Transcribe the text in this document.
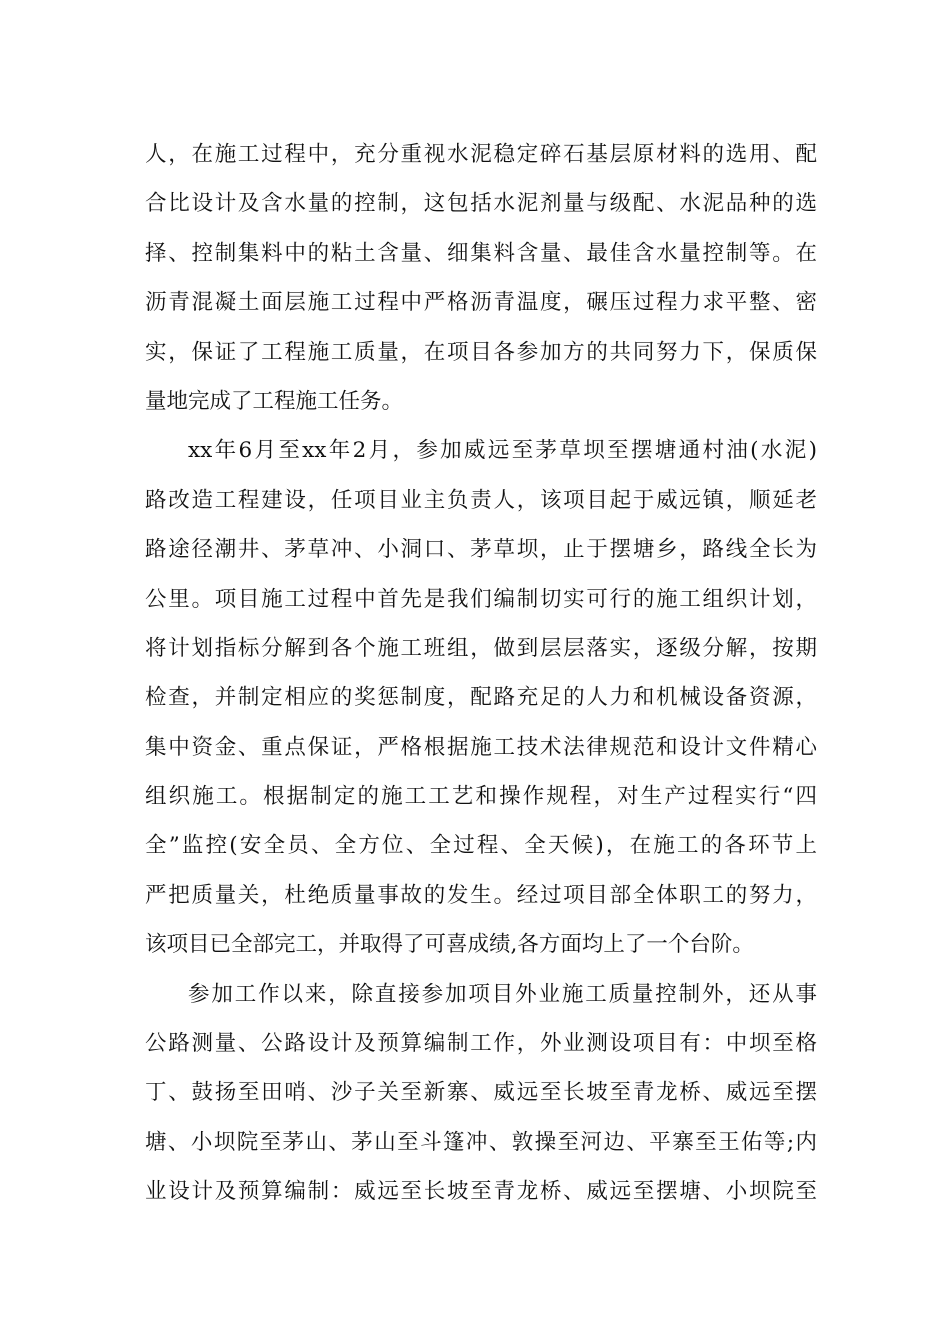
人，在施工过程中，充分重视水泥稳定碎石基层原材料的选用、配
合比设计及含水量的控制，这包括水泥剂量与级配、水泥品种的选
择、控制集料中的粘土含量、细集料含量、最佳含水量控制等。在
沥青混凝土面层施工过程中严格沥青温度，碾压过程力求平整、密
实，保证了工程施工质量，在项目各参加方的共同努力下，保质保
量地完成了工程施工任务。
xx年6月至xx年2月，参加威远至茅草坝至摆塘通村油(水泥)
路改造工程建设，任项目业主负责人，该项目起于威远镇，顺延老
路途径潮井、茅草冲、小洞口、茅草坝，止于摆塘乡，路线全长为
公里。项目施工过程中首先是我们编制切实可行的施工组织计划，
将计划指标分解到各个施工班组，做到层层落实，逐级分解，按期
检查，并制定相应的奖惩制度，配路充足的人力和机械设备资源，
集中资金、重点保证，严格根据施工技术法律规范和设计文件精心
组织施工。根据制定的施工工艺和操作规程，对生产过程实行“四
全”监控(安全员、全方位、全过程、全天候)，在施工的各环节上
严把质量关，杜绝质量事故的发生。经过项目部全体职工的努力，
该项目已全部完工，并取得了可喜成绩,各方面均上了一个台阶。
参加工作以来，除直接参加项目外业施工质量控制外，还从事
公路测量、公路设计及预算编制工作，外业测设项目有：中坝至格
丁、鼓扬至田哨、沙子关至新寨、威远至长坡至青龙桥、威远至摆
塘、小坝院至茅山、茅山至斗篷冲、敦操至河边、平寨至王佑等;内
业设计及预算编制：威远至长坡至青龙桥、威远至摆塘、小坝院至
